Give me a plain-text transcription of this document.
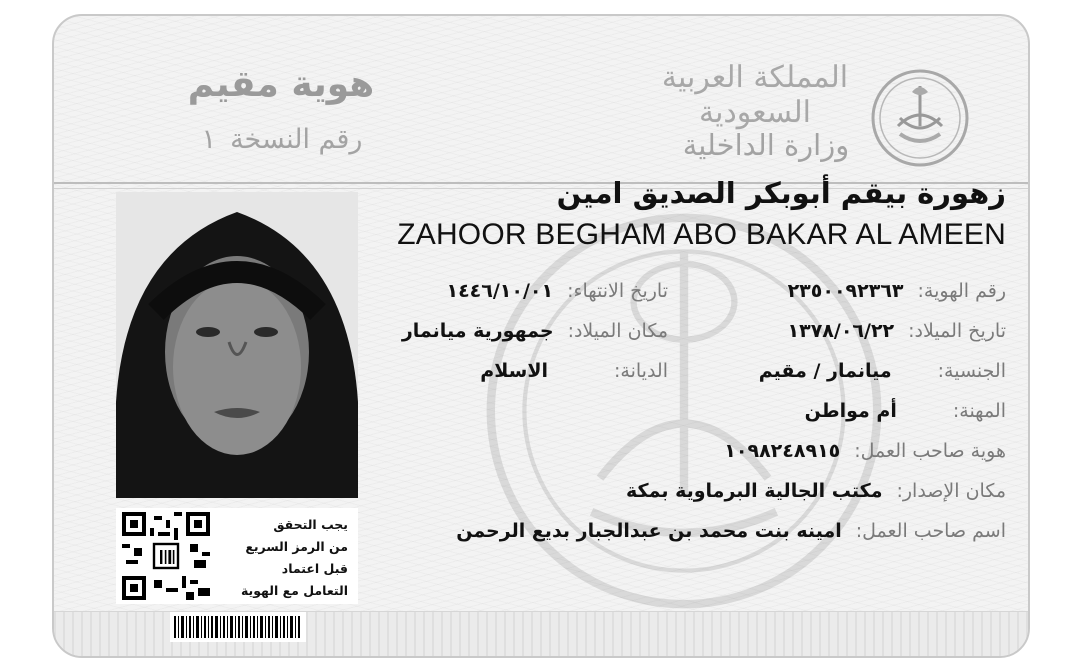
هوية مقيم
رقم النسخة
١
المملكة العربية السعودية
وزارة الداخلية
يجب التحقق
من الرمز السريع
قبل اعتماد
التعامل مع الهوية
زهورة بيقم أبوبكر الصديق امين
ZAHOOR BEGHAM ABO BAKAR AL AMEEN
رقم الهوية:٢٣٥٠٠٩٢٣٦٣
تاريخ الميلاد:١٣٧٨/٠٦/٢٢
الجنسية:ميانمار / مقيم
المهنة:أم مواطن
هوية صاحب العمل:١٠٩٨٢٤٨٩١٥
مكان الإصدار:مكتب الجالية البرماوية بمكة
اسم صاحب العمل:امينه بنت محمد بن عبدالجبار بديع الرحمن
تاريخ الانتهاء:١٤٤٦/١٠/٠١
مكان الميلاد:جمهورية ميانمار
الديانة:الاسلام
